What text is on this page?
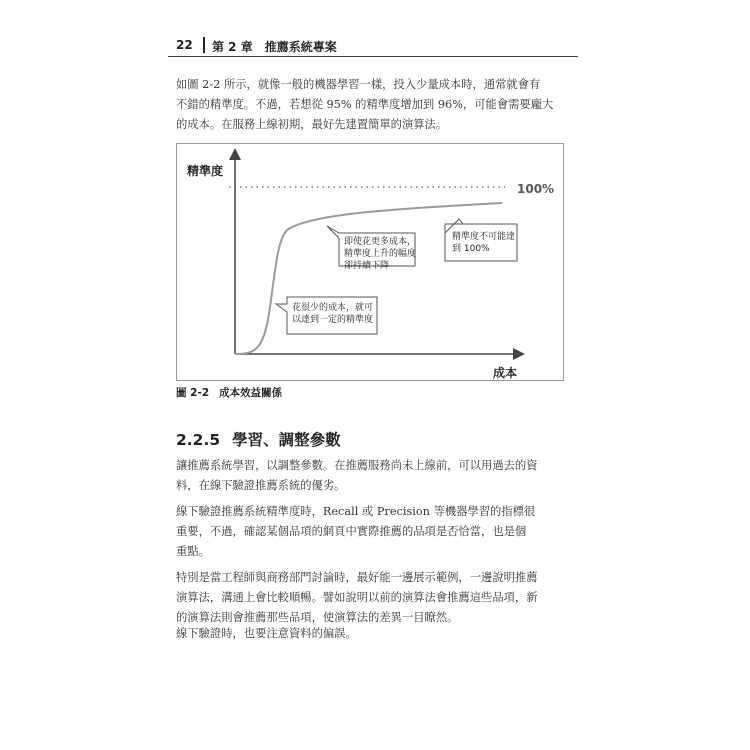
22 第 2 章　推薦系統專案
如圖 2-2 所示，就像一般的機器學習一樣，投入少量成本時，通常就會有
不錯的精準度。不過，若想從 95% 的精準度增加到 96%，可能會需要龐大
的成本。在服務上線初期，最好先建置簡單的演算法。
精準度
成本
100%
即使花更多成本，
精準度上升的幅度
卻持續下降
精準度不可能達
到 100%
花很少的成本，就可
以達到一定的精準度
圖 2-2 成本效益關係
2.2.5 學習、調整參數
讓推薦系統學習，以調整參數。在推薦服務尚未上線前，可以用過去的資
料，在線下驗證推薦系統的優劣。
線下驗證推薦系統精準度時，Recall 或 Precision 等機器學習的指標很
重要，不過，確認某個品項的網頁中實際推薦的品項是否恰當，也是個
重點。
特別是當工程師與商務部門討論時，最好能一邊展示範例，一邊說明推薦
演算法，溝通上會比較順暢。譬如說明以前的演算法會推薦這些品項，新
的演算法則會推薦那些品項，使演算法的差異一目瞭然。
線下驗證時，也要注意資料的偏誤。
